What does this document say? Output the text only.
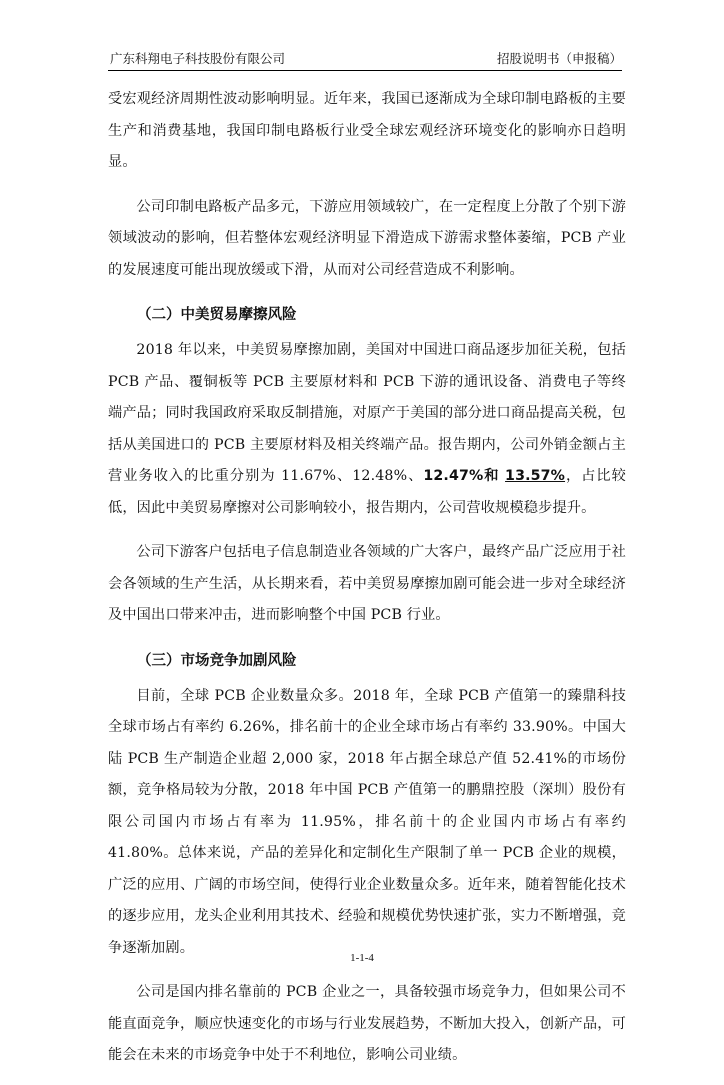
广东科翔电子科技股份有限公司	招股说明书（申报稿）

受宏观经济周期性波动影响明显。近年来，我国已逐渐成为全球印制电路板的主要生产和消费基地，我国印制电路板行业受全球宏观经济环境变化的影响亦日趋明显。

公司印制电路板产品多元，下游应用领域较广，在一定程度上分散了个别下游领域波动的影响，但若整体宏观经济明显下滑造成下游需求整体萎缩，PCB 产业的发展速度可能出现放缓或下滑，从而对公司经营造成不利影响。

（二）中美贸易摩擦风险

2018 年以来，中美贸易摩擦加剧，美国对中国进口商品逐步加征关税，包括 PCB 产品、覆铜板等 PCB 主要原材料和 PCB 下游的通讯设备、消费电子等终端产品；同时我国政府采取反制措施，对原产于美国的部分进口商品提高关税，包括从美国进口的 PCB 主要原材料及相关终端产品。报告期内，公司外销金额占主营业务收入的比重分别为 11.67%、12.48%、12.47%和 13.57%，占比较低，因此中美贸易摩擦对公司影响较小，报告期内，公司营收规模稳步提升。

公司下游客户包括电子信息制造业各领域的广大客户，最终产品广泛应用于社会各领域的生产生活，从长期来看，若中美贸易摩擦加剧可能会进一步对全球经济及中国出口带来冲击，进而影响整个中国 PCB 行业。

（三）市场竞争加剧风险

目前，全球 PCB 企业数量众多。2018 年，全球 PCB 产值第一的臻鼎科技全球市场占有率约 6.26%，排名前十的企业全球市场占有率约 33.90%。中国大陆 PCB 生产制造企业超 2,000 家，2018 年占据全球总产值 52.41%的市场份额，竞争格局较为分散，2018 年中国 PCB 产值第一的鹏鼎控股（深圳）股份有限公司国内市场占有率为 11.95%，排名前十的企业国内市场占有率约 41.80%。总体来说，产品的差异化和定制化生产限制了单一 PCB 企业的规模，广泛的应用、广阔的市场空间，使得行业企业数量众多。近年来，随着智能化技术的逐步应用，龙头企业利用其技术、经验和规模优势快速扩张，实力不断增强，竞争逐渐加剧。

公司是国内排名靠前的 PCB 企业之一，具备较强市场竞争力，但如果公司不能直面竞争，顺应快速变化的市场与行业发展趋势，不断加大投入，创新产品，可能会在未来的市场竞争中处于不利地位，影响公司业绩。

1-1-4
